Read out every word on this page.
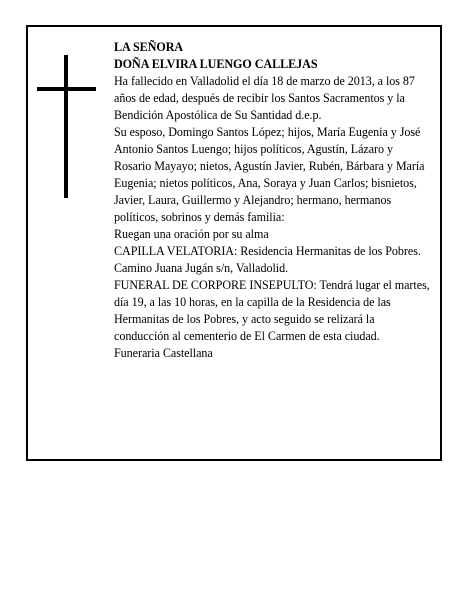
LA SEÑORA

DOÑA ELVIRA LUENGO CALLEJAS

Ha fallecido en Valladolid el día 18 de marzo de 2013, a los 87 años de edad, después de recibir los Santos Sacramentos y la Bendición Apostólica de Su Santidad d.e.p.

Su esposo, Domingo Santos López; hijos, María Eugenia y José Antonio Santos Luengo; hijos políticos, Agustín, Lázaro y Rosario Mayayo; nietos, Agustín Javier, Rubén, Bárbara y María Eugenia; nietos políticos, Ana, Soraya y Juan Carlos; bisnietos, Javier, Laura, Guillermo y Alejandro; hermano, hermanos políticos, sobrinos y demás familia:

Ruegan una oración por su alma

CAPILLA VELATORIA: Residencia Hermanitas de los Pobres. Camino Juana Jugán s/n, Valladolid.

FUNERAL DE CORPORE INSEPULTO: Tendrá lugar el martes, día 19, a las 10 horas, en la capilla de la Residencia de las Hermanitas de los Pobres, y acto seguido se relizará la conducción al cementerio de El Carmen de esta ciudad.

Funeraria Castellana
